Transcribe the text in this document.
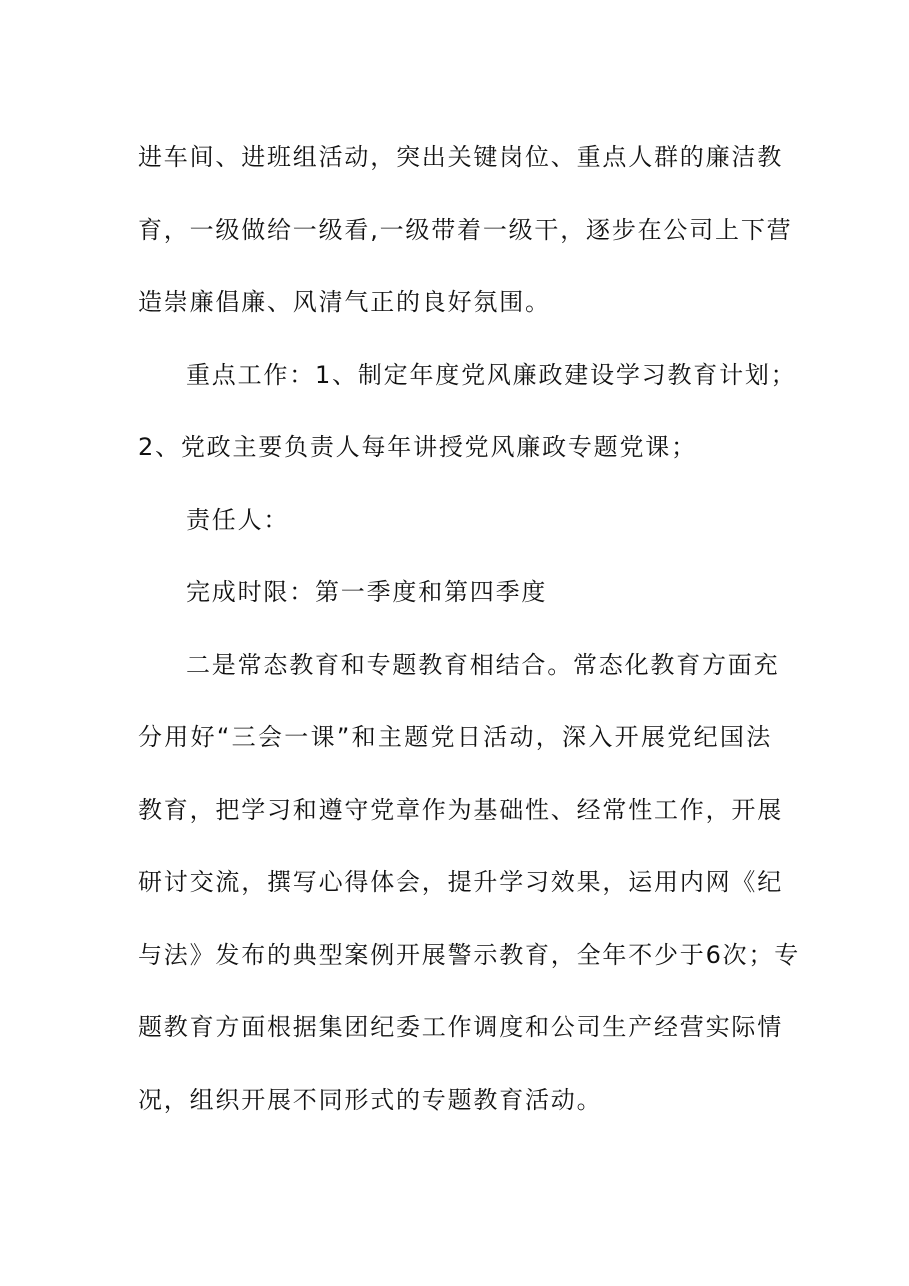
进车间、进班组活动，突出关键岗位、重点人群的廉洁教
育，一级做给一级看,一级带着一级干，逐步在公司上下营
造崇廉倡廉、风清气正的良好氛围。

重点工作：1、制定年度党风廉政建设学习教育计划；
2、党政主要负责人每年讲授党风廉政专题党课；

责任人：

完成时限：第一季度和第四季度

二是常态教育和专题教育相结合。常态化教育方面充
分用好“三会一课”和主题党日活动，深入开展党纪国法
教育，把学习和遵守党章作为基础性、经常性工作，开展
研讨交流，撰写心得体会，提升学习效果，运用内网《纪
与法》发布的典型案例开展警示教育，全年不少于6次；专
题教育方面根据集团纪委工作调度和公司生产经营实际情
况，组织开展不同形式的专题教育活动。
